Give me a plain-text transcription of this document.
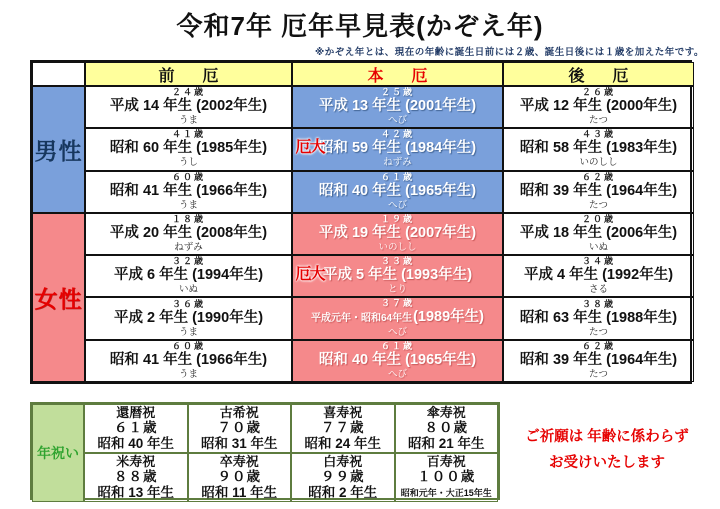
令和7年 厄年早見表(かぞえ年)
※かぞえ年とは、現在の年齢に誕生日前には２歳、誕生日後には１歳を加えた年です。
前　厄	本　厄	後　厄
男性
２４歳
平成 14 年生 (2002年生)
うま
２５歳
平成 13 年生 (2001年生)
へび
２６歳
平成 12 年生 (2000年生)
たつ
４１歳
昭和 60 年生 (1985年生)
うし
大厄
４２歳
昭和 59 年生 (1984年生)
ねずみ
４３歳
昭和 58 年生 (1983年生)
いのしし
６０歳
昭和 41 年生 (1966年生)
うま
６１歳
昭和 40 年生 (1965年生)
へび
６２歳
昭和 39 年生 (1964年生)
たつ
女性
１８歳
平成 20 年生 (2008年生)
ねずみ
１９歳
平成 19 年生 (2007年生)
いのしし
２０歳
平成 18 年生 (2006年生)
いぬ
３２歳
平成 6 年生 (1994年生)
いぬ
大厄
３３歳
平成 5 年生 (1993年生)
とり
３４歳
平成 4 年生 (1992年生)
さる
３６歳
平成 2 年生 (1990年生)
うま
３７歳
平成元年・昭和64年生(1989年生)
へび
３８歳
昭和 63 年生 (1988年生)
たつ
６０歳
昭和 41 年生 (1966年生)
うま
６１歳
昭和 40 年生 (1965年生)
へび
６２歳
昭和 39 年生 (1964年生)
たつ
年祝い
還暦祝
６１歳
昭和 40 年生
古希祝
７０歳
昭和 31 年生
喜寿祝
７７歳
昭和 24 年生
傘寿祝
８０歳
昭和 21 年生
米寿祝
８８歳
昭和 13 年生
卒寿祝
９０歳
昭和 11 年生
白寿祝
９９歳
昭和 2 年生
百寿祝
１００歳
昭和元年・大正15年生
ご祈願は 年齢に係わらず
お受けいたします
